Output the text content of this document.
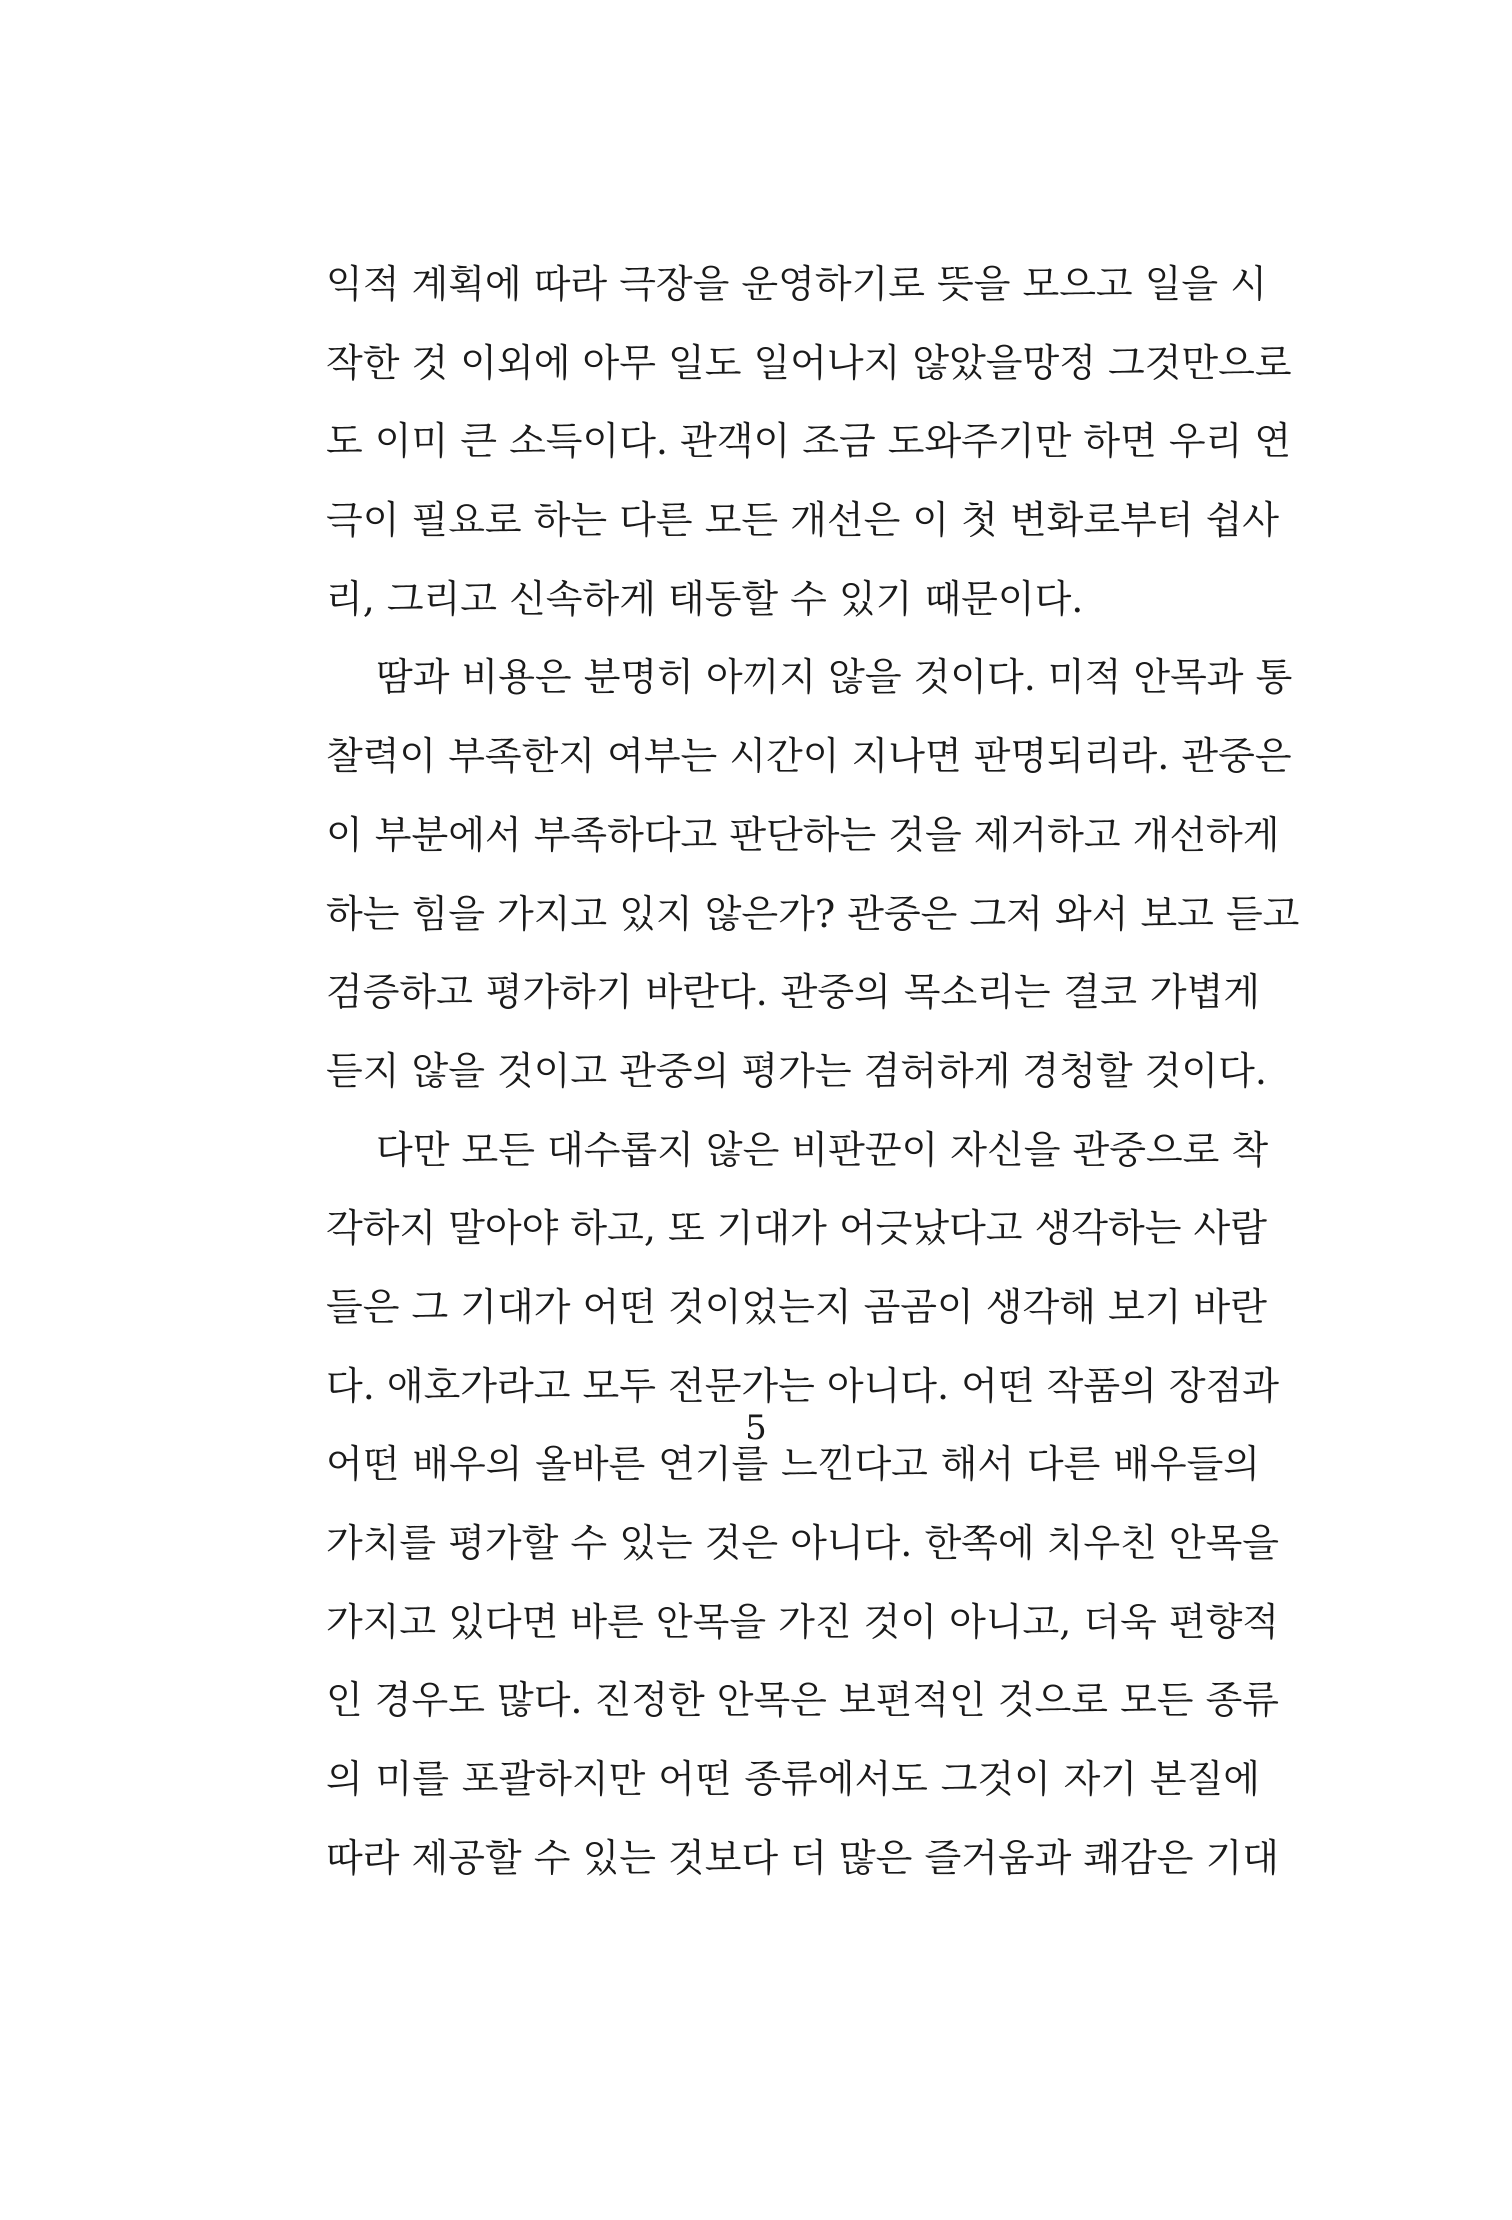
익적 계획에 따라 극장을 운영하기로 뜻을 모으고 일을 시
작한 것 이외에 아무 일도 일어나지 않았을망정 그것만으로
도 이미 큰 소득이다. 관객이 조금 도와주기만 하면 우리 연
극이 필요로 하는 다른 모든 개선은 이 첫 변화로부터 쉽사
리, 그리고 신속하게 태동할 수 있기 때문이다.
땀과 비용은 분명히 아끼지 않을 것이다. 미적 안목과 통
찰력이 부족한지 여부는 시간이 지나면 판명되리라. 관중은
이 부분에서 부족하다고 판단하는 것을 제거하고 개선하게
하는 힘을 가지고 있지 않은가? 관중은 그저 와서 보고 듣고
검증하고 평가하기 바란다. 관중의 목소리는 결코 가볍게
듣지 않을 것이고 관중의 평가는 겸허하게 경청할 것이다.
다만 모든 대수롭지 않은 비판꾼이 자신을 관중으로 착
각하지 말아야 하고, 또 기대가 어긋났다고 생각하는 사람
들은 그 기대가 어떤 것이었는지 곰곰이 생각해 보기 바란
다. 애호가라고 모두 전문가는 아니다. 어떤 작품의 장점과
어떤 배우의 올바른 연기를 느낀다고 해서 다른 배우들의
가치를 평가할 수 있는 것은 아니다. 한쪽에 치우친 안목을
가지고 있다면 바른 안목을 가진 것이 아니고, 더욱 편향적
인 경우도 많다. 진정한 안목은 보편적인 것으로 모든 종류
의 미를 포괄하지만 어떤 종류에서도 그것이 자기 본질에
따라 제공할 수 있는 것보다 더 많은 즐거움과 쾌감은 기대
5
